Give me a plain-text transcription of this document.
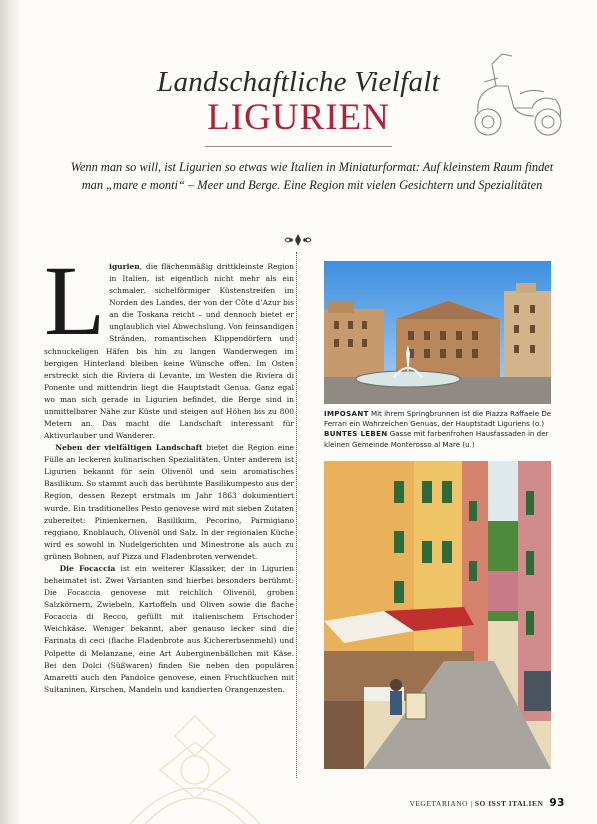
Landschaftliche Vielfalt
LIGURIEN
Wenn man so will, ist Ligurien so etwas wie Italien in Miniaturformat: Auf kleinstem Raum findet man „mare e monti“ – Meer und Berge. Eine Region mit vielen Gesichtern und Spezialitäten

Ligurien, die flächenmäßig drittkleinste Region in Italien, ist eigentlich nicht mehr als ein schmaler, sichelförmiger Küstenstreifen im Norden des Landes, der von der Côte d’Azur bis an die Toskana reicht – und dennoch bietet er unglaublich viel Abwechslung. Von feinsandigen Stränden, romantischen Klippendörfern und schnuckeligen Häfen bis hin zu langen Wanderwegen im bergigen Hinterland bleiben keine Wünsche offen. Im Osten erstreckt sich die Riviera di Levante, im Westen die Riviera di Ponente und mittendrin liegt die Hauptstadt Genua. Ganz egal wo man sich gerade in Ligurien befindet, die Berge sind in unmittelbarer Nähe zur Küste und steigen auf Höhen bis zu 800 Metern an. Das macht die Landschaft interessant für Aktivurlauber und Wanderer.

Neben der vielfältigen Landschaft bietet die Region eine Fülle an leckeren kulinarischen Spezialitäten. Unter anderem ist Ligurien bekannt für sein Olivenöl und sein aromatisches Basilikum. So stammt auch das berühmte Basilikumpesto aus der Region, dessen Rezept erstmals im Jahr 1863 dokumentiert wurde. Ein traditionelles Pesto genovese wird mit sieben Zutaten zubereitet: Pinienkernen, Basilikum, Pecorino, Parmigiano reggiano, Knoblauch, Olivenöl und Salz. In der regionalen Küche wird es sowohl in Nudelgerichten und Minestrone als auch zu grünen Bohnen, auf Pizza und Fladenbroten verwendet.

Die Focaccia ist ein weiterer Klassiker, der in Ligurien beheimatet ist. Zwei Varianten sind hierbei besonders berühmt: Die Focaccia genovese mit reichlich Olivenöl, groben Salzkörnern, Zwiebeln, Kartoffeln und Oliven sowie die flache Focaccia di Recco, gefüllt mit italienischem Frischoder Weichkäse. Weniger bekannt, aber genauso lecker sind die Farinata di ceci (flache Fladenbrote aus Kichererbsenmehl) und Polpette di Melanzane, eine Art Auberginenbällchen mit Käse. Bei den Dolci (Süßwaren) finden Sie neben den populären Amaretti auch den Pandolce genovese, einen Fruchtkuchen mit Sultaninen, Kirschen, Mandeln und kandierten Orangenzesten.

IMPOSANT Mit ihrem Springbrunnen ist die Piazza Raffaele De Ferrari ein Wahrzeichen Genuas, der Hauptstadt Liguriens (o.) BUNTES LEBEN Gasse mit farbenfrohen Hausfassaden in der kleinen Gemeinde Monterosso al Mare (u.)
VEGETARIANO | SO ISST ITALIEN 93
